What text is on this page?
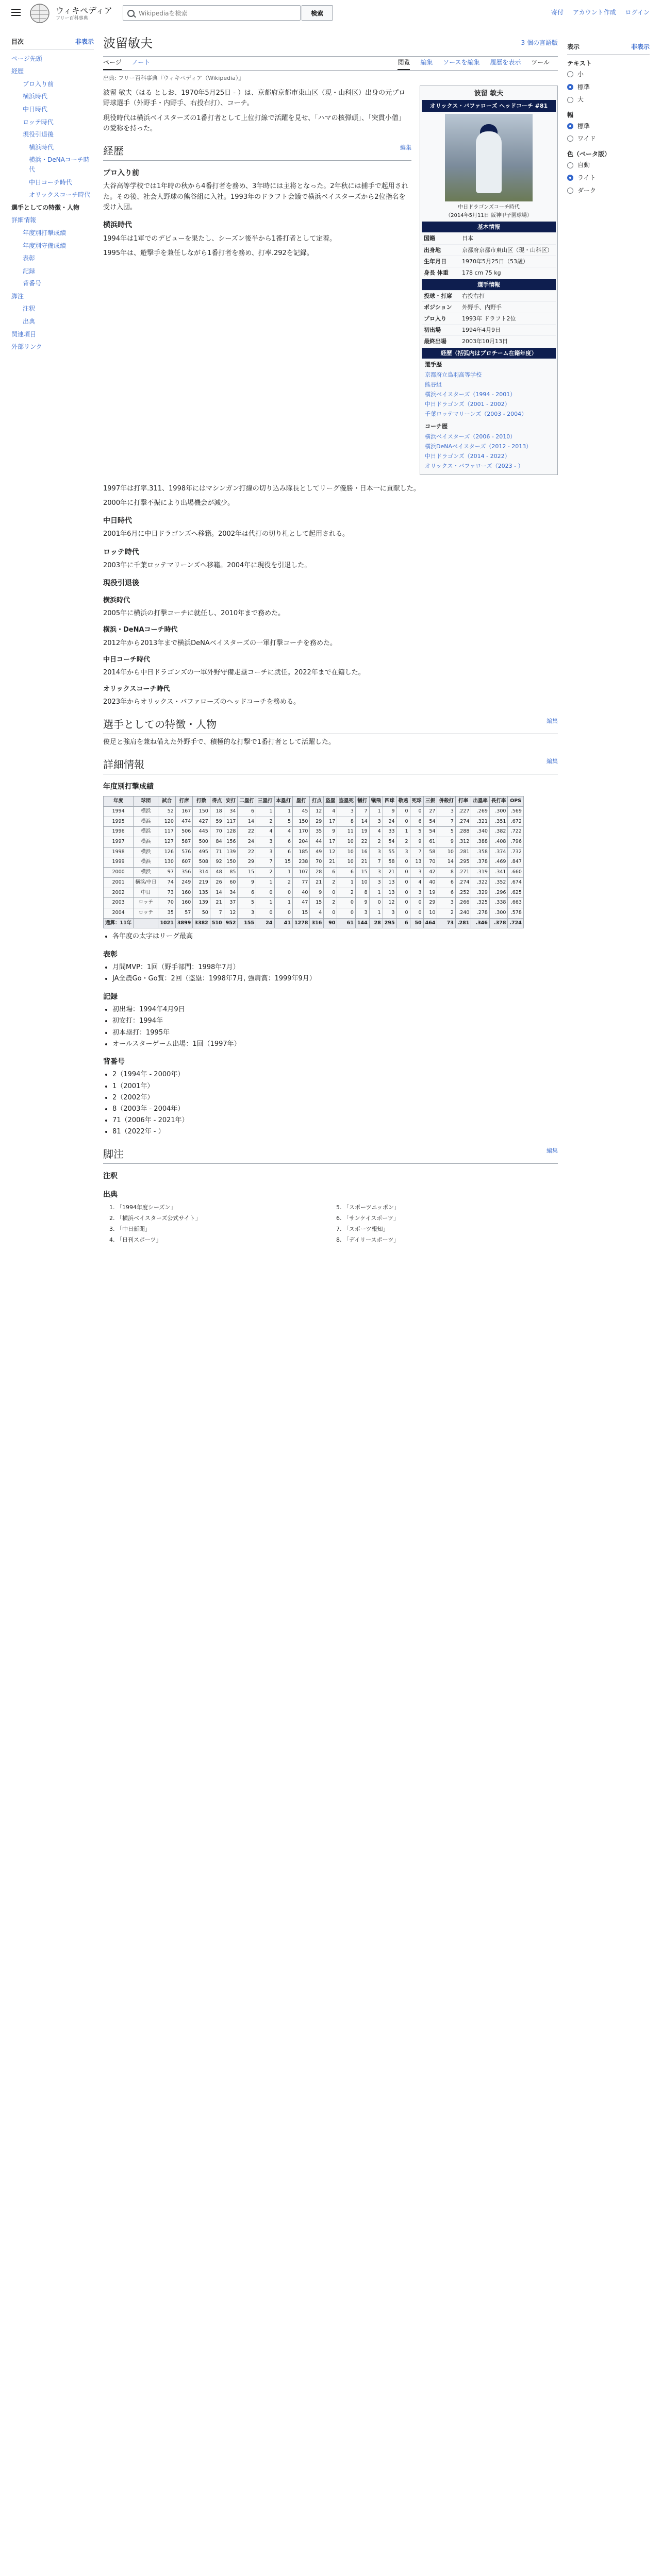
ウィキペディア
フリー百科事典
Wikipediaを検索
検索	寄付 アカウント作成 ログイン
目次	非表示
ページ先頭
経歴
プロ入り前
横浜時代
中日時代
ロッテ時代
現役引退後
横浜時代
横浜・DeNAコーチ時代
中日コーチ時代
オリックスコーチ時代
選手としての特徴・人物
詳細情報
年度別打撃成績
年度別守備成績
表彰
記録
背番号
脚注
注釈
出典
関連項目
外部リンク
波留敏夫	3 個の言語版
ページ ノート	閲覧 編集 ソースを編集 履歴を表示 ツール
出典: フリー百科事典『ウィキペディア（Wikipedia）』
波留 敏夫
オリックス・バファローズ ヘッドコーチ #81
中日ドラゴンズコーチ時代
（2014年5月11日 阪神甲子園球場）
基本情報
国籍	日本
出身地	京都府京都市東山区（現・山科区）
生年月日	1970年5月25日（53歳）
身長 体重	178 cm 75 kg
選手情報
投球・打席	右投右打
ポジション	外野手、内野手
プロ入り	1993年 ドラフト2位
初出場	1994年4月9日
最終出場	2003年10月13日
経歴（括弧内はプロチーム在籍年度）
選手歴
京都府立鳥羽高等学校
熊谷組
横浜ベイスターズ（1994 - 2001）
中日ドラゴンズ（2001 - 2002）
千葉ロッテマリーンズ（2003 - 2004）
コーチ歴
横浜ベイスターズ（2006 - 2010）
横浜DeNAベイスターズ（2012 - 2013）
中日ドラゴンズ（2014 - 2022）
オリックス・バファローズ（2023 - ）

波留 敏夫（はる としお、1970年5月25日 - ）は、京都府京都市東山区（現・山科区）出身の元プロ野球選手（外野手・内野手、右投右打）、コーチ。

現役時代は横浜ベイスターズの1番打者として上位打線で活躍を見せ、「ハマの核弾頭」、「突貫小僧」の愛称を持った。

経歴	編集
プロ入り前

大谷高等学校では1年時の秋から4番打者を務め、3年時には主将となった。2年秋には捕手で起用された。その後、社会人野球の熊谷組に入社。1993年のドラフト会議で横浜ベイスターズから2位指名を受け入団。

横浜時代

1994年は1軍でのデビューを果たし、シーズン後半から1番打者として定着。

1995年は、遊撃手を兼任しながら1番打者を務め、打率.292を記録。

1997年は打率.311、1998年にはマシンガン打線の切り込み隊長としてリーグ優勝・日本一に貢献した。

2000年に打撃不振により出場機会が減少。

中日時代

2001年6月に中日ドラゴンズへ移籍。2002年は代打の切り札として起用される。

ロッテ時代

2003年に千葉ロッテマリーンズへ移籍。2004年に現役を引退した。

現役引退後
横浜時代

2005年に横浜の打撃コーチに就任し、2010年まで務めた。

横浜・DeNAコーチ時代

2012年から2013年まで横浜DeNAベイスターズの一軍打撃コーチを務めた。

中日コーチ時代

2014年から中日ドラゴンズの一軍外野守備走塁コーチに就任。2022年まで在籍した。

オリックスコーチ時代

2023年からオリックス・バファローズのヘッドコーチを務める。

選手としての特徴・人物	編集

俊足と強肩を兼ね備えた外野手で、積極的な打撃で1番打者として活躍した。

詳細情報	編集
年度別打撃成績
年度	球団	試合	打席	打数	得点	安打	二塁打	三塁打	本塁打	塁打	打点	盗塁	盗塁死	犠打	犠飛	四球	敬遠	死球	三振	併殺打	打率	出塁率	長打率	OPS
1994	横浜	52	167	150	18	34	6	1	1	45	12	4	3	7	1	9	0	0	27	3	.227	.269	.300	.569
1995	横浜	120	474	427	59	117	14	2	5	150	29	17	8	14	3	24	0	6	54	7	.274	.321	.351	.672
1996	横浜	117	506	445	70	128	22	4	4	170	35	9	11	19	4	33	1	5	54	5	.288	.340	.382	.722
1997	横浜	127	587	500	84	156	24	3	6	204	44	17	10	22	2	54	2	9	61	9	.312	.388	.408	.796
1998	横浜	126	576	495	71	139	22	3	6	185	49	12	10	16	3	55	3	7	58	10	.281	.358	.374	.732
1999	横浜	130	607	508	92	150	29	7	15	238	70	21	10	21	7	58	0	13	70	14	.295	.378	.469	.847
2000	横浜	97	356	314	48	85	15	2	1	107	28	6	6	15	3	21	0	3	42	8	.271	.319	.341	.660
2001	横浜/中日	74	249	219	26	60	9	1	2	77	21	2	1	10	3	13	0	4	40	6	.274	.322	.352	.674
2002	中日	73	160	135	14	34	6	0	0	40	9	0	2	8	1	13	0	3	19	6	.252	.329	.296	.625
2003	ロッテ	70	160	139	21	37	5	1	1	47	15	2	0	9	0	12	0	0	29	3	.266	.325	.338	.663
2004	ロッテ	35	57	50	7	12	3	0	0	15	4	0	0	3	1	3	0	0	10	2	.240	.278	.300	.578
通算：11年		1021	3899	3382	510	952	155	24	41	1278	316	90	61	144	28	295	6	50	464	73	.281	.346	.378	.724
• 各年度の太字はリーグ最高
表彰
• 月間MVP：1回（野手部門：1998年7月）
• JA全農Go・Go賞：2回（盗塁：1998年7月, 強肩賞：1999年9月）
記録
• 初出場：1994年4月9日
• 初安打：1994年
• 初本塁打：1995年
• オールスターゲーム出場：1回（1997年）
背番号
• 2（1994年 - 2000年）
• 1（2001年）
• 2（2002年）
• 8（2003年 - 2004年）
• 71（2006年 - 2021年）
• 81（2022年 - ）
脚注	編集
注釈
出典
1. 「1994年度シーズン」
2. 「横浜ベイスターズ公式サイト」
3. 「中日新聞」
4. 「日刊スポーツ」
5. 「スポーツニッポン」
6. 「サンケイスポーツ」
7. 「スポーツ報知」
8. 「デイリースポーツ」
表示	非表示
テキスト
小
標準
大
幅
標準
ワイド
色（ベータ版）
自動
ライト
ダーク
